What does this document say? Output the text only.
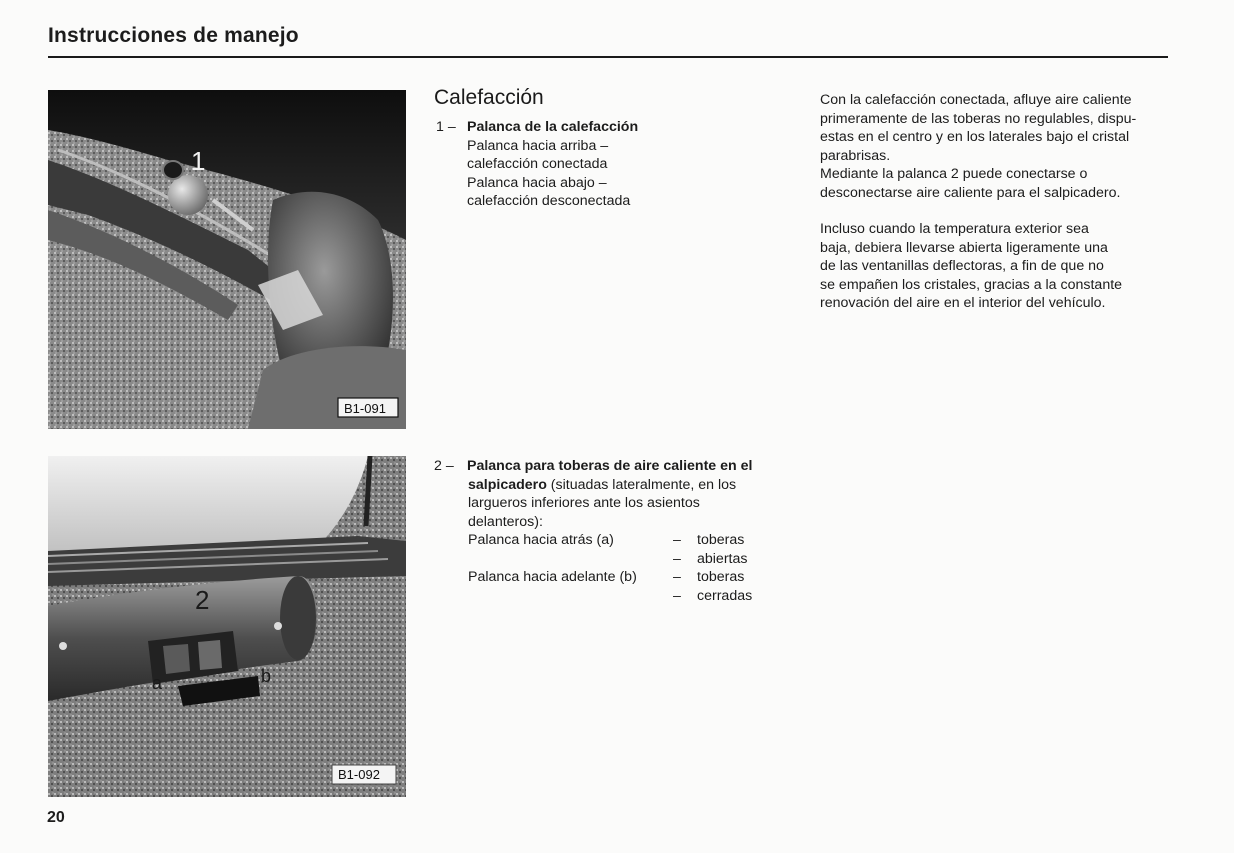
Instrucciones de manejo
1
B1-091
2
a	b
B1-092
Calefacción
1 – Palanca de la calefacción
Palanca hacia arriba –
calefacción conectada
Palanca hacia abajo –
calefacción desconectada
2 – Palanca para toberas de aire caliente en el
salpicadero (situadas lateralmente, en los
largueros inferiores ante los asientos
delanteros):
Palanca hacia atrás (a)	–	toberas
–	abiertas
Palanca hacia adelante (b)	–	toberas
–	cerradas
Con la calefacción conectada, afluye aire caliente
primeramente de las toberas no regulables, dispu-
estas en el centro y en los laterales bajo el cristal
parabrisas.
Mediante la palanca 2 puede conectarse o
desconectarse aire caliente para el salpicadero.
Incluso cuando la temperatura exterior sea
baja, debiera llevarse abierta ligeramente una
de las ventanillas deflectoras, a fin de que no
se empañen los cristales, gracias a la constante
renovación del aire en el interior del vehículo.
20
